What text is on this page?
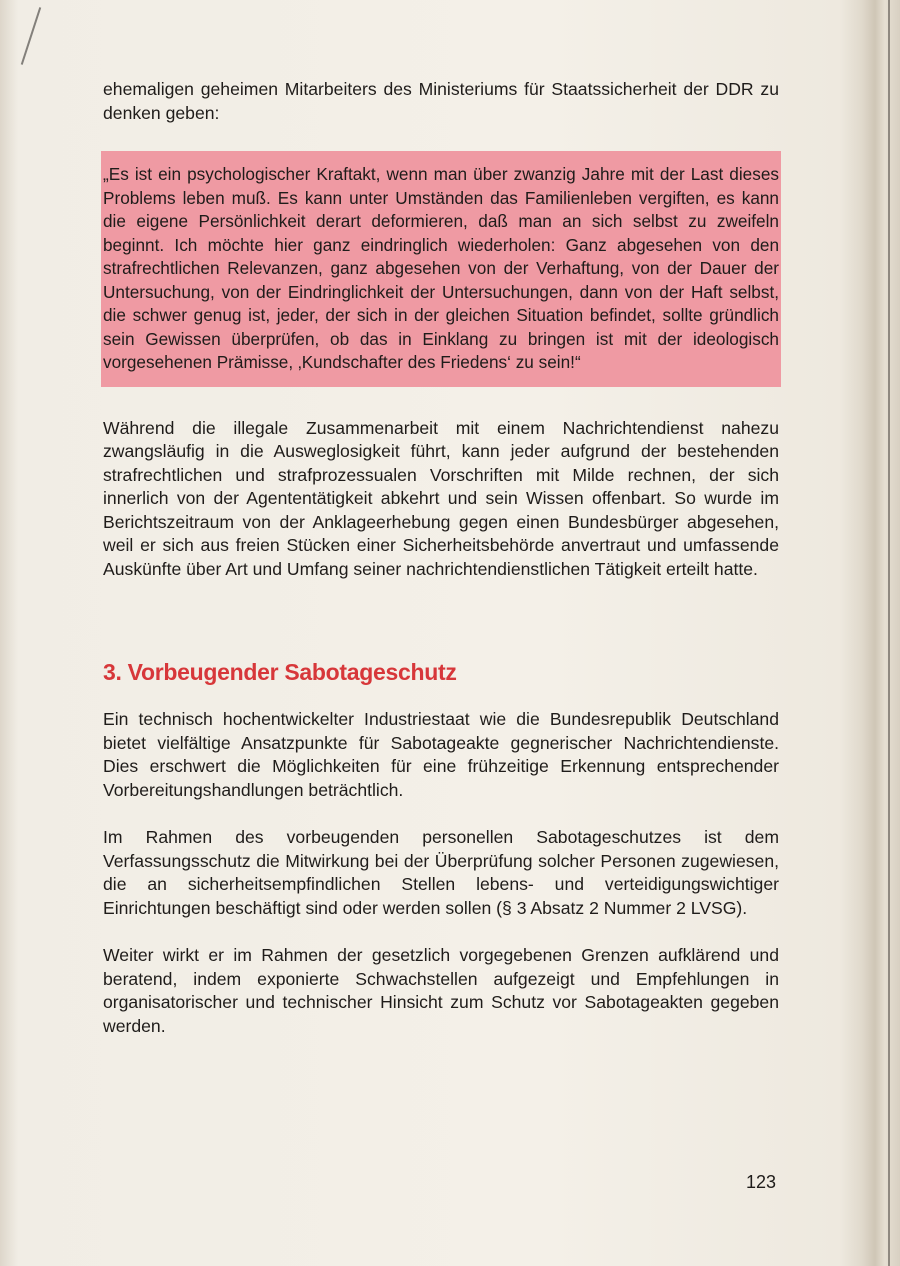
ehemaligen geheimen Mitarbeiters des Ministeriums für Staatssicherheit der DDR zu denken geben:

„Es ist ein psychologischer Kraftakt, wenn man über zwanzig Jahre mit der Last dieses Problems leben muß. Es kann unter Umständen das Familienleben vergiften, es kann die eigene Persönlichkeit derart deformieren, daß man an sich selbst zu zweifeln beginnt. Ich möchte hier ganz eindringlich wiederholen: Ganz abgesehen von den strafrechtlichen Relevanzen, ganz abgesehen von der Verhaftung, von der Dauer der Untersuchung, von der Eindringlichkeit der Untersuchungen, dann von der Haft selbst, die schwer genug ist, jeder, der sich in der gleichen Situation befindet, sollte gründlich sein Gewissen überprüfen, ob das in Einklang zu bringen ist mit der ideologisch vorgesehenen Prämisse, ‚Kundschafter des Friedens‘ zu sein!“

Während die illegale Zusammenarbeit mit einem Nachrichtendienst nahezu zwangsläufig in die Ausweglosigkeit führt, kann jeder aufgrund der bestehenden strafrechtlichen und strafprozessualen Vorschriften mit Milde rechnen, der sich innerlich von der Agententätigkeit abkehrt und sein Wissen offenbart. So wurde im Berichtszeitraum von der Anklageerhebung gegen einen Bundesbürger abgesehen, weil er sich aus freien Stücken einer Sicherheitsbehörde anvertraut und umfassende Auskünfte über Art und Umfang seiner nachrichtendienstlichen Tätigkeit erteilt hatte.

3. Vorbeugender Sabotageschutz

Ein technisch hochentwickelter Industriestaat wie die Bundesrepublik Deutschland bietet vielfältige Ansatzpunkte für Sabotageakte gegnerischer Nachrichtendienste. Dies erschwert die Möglichkeiten für eine frühzeitige Erkennung entsprechender Vorbereitungshandlungen beträchtlich.

Im Rahmen des vorbeugenden personellen Sabotageschutzes ist dem Verfassungsschutz die Mitwirkung bei der Überprüfung solcher Personen zugewiesen, die an sicherheitsempfindlichen Stellen lebens- und verteidigungswichtiger Einrichtungen beschäftigt sind oder werden sollen (§ 3 Absatz 2 Nummer 2 LVSG).

Weiter wirkt er im Rahmen der gesetzlich vorgegebenen Grenzen aufklärend und beratend, indem exponierte Schwachstellen aufgezeigt und Empfehlungen in organisatorischer und technischer Hinsicht zum Schutz vor Sabotageakten gegeben werden.

123
